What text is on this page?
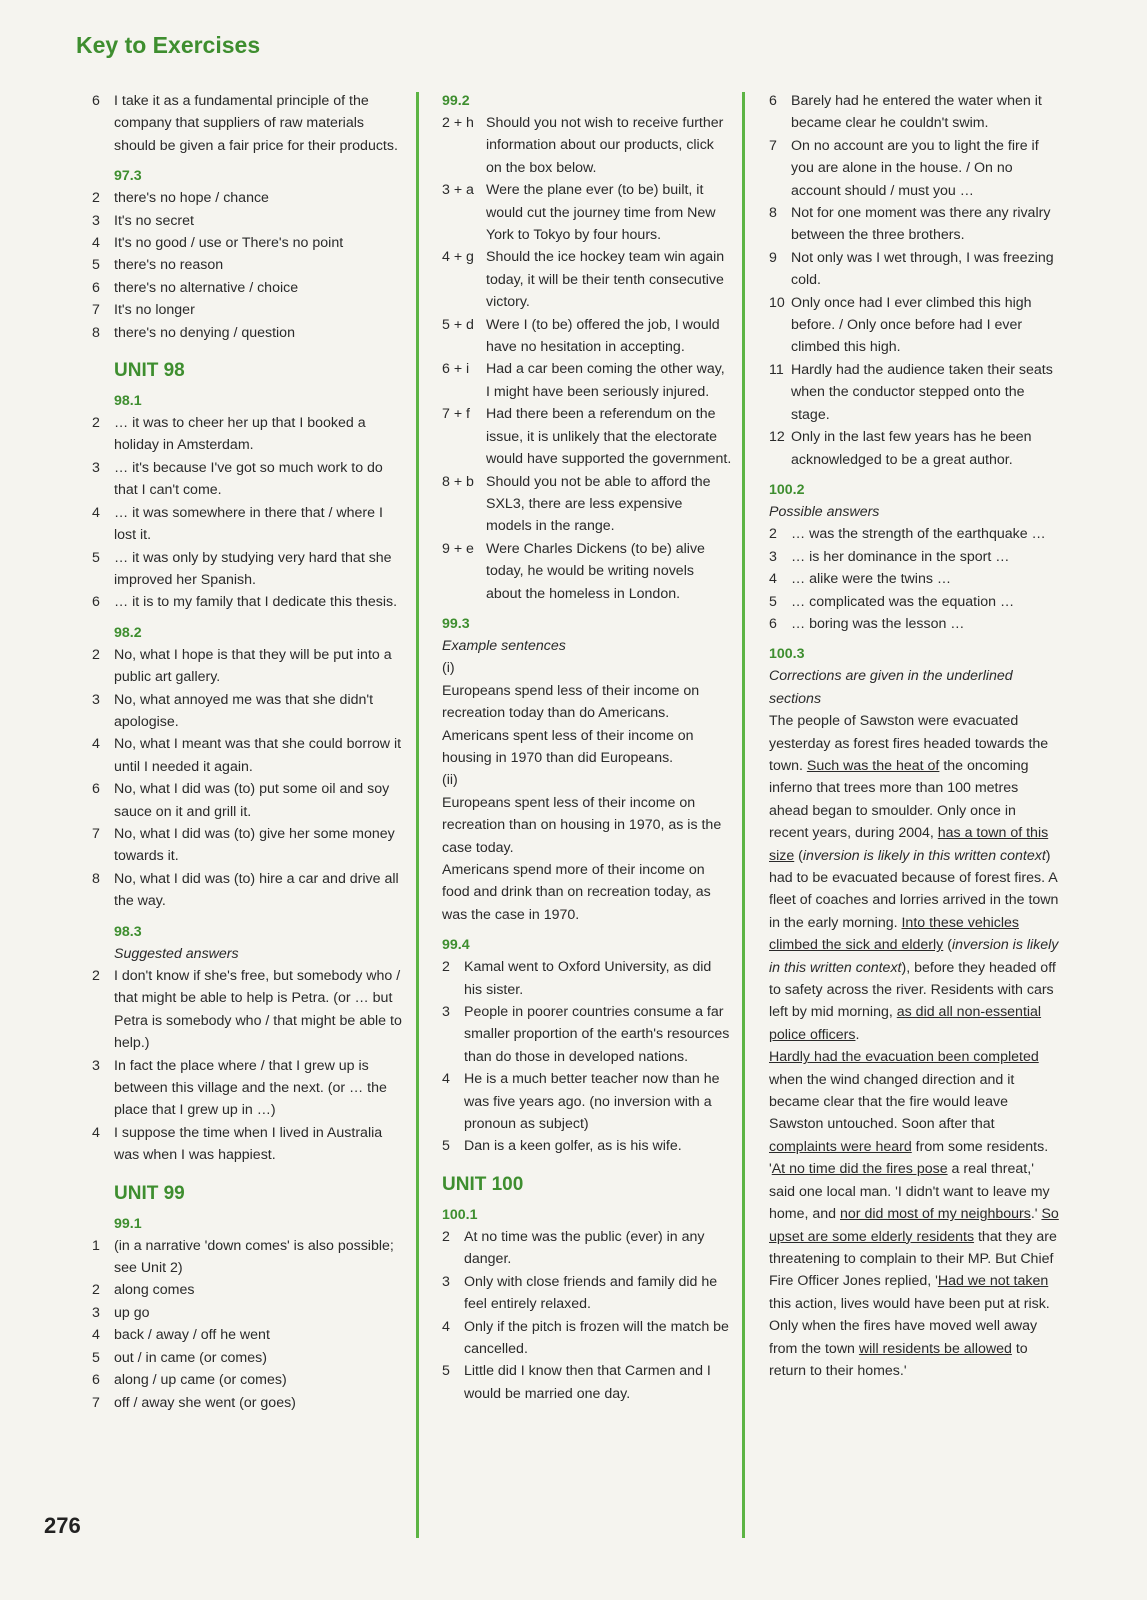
Key to Exercises
6 I take it as a fundamental principle of the company that suppliers of raw materials should be given a fair price for their products.
97.3
2 there's no hope / chance
3 It's no secret
4 It's no good / use or There's no point
5 there's no reason
6 there's no alternative / choice
7 It's no longer
8 there's no denying / question
UNIT 98
98.1
2 … it was to cheer her up that I booked a holiday in Amsterdam.
3 … it's because I've got so much work to do that I can't come.
4 … it was somewhere in there that / where I lost it.
5 … it was only by studying very hard that she improved her Spanish.
6 … it is to my family that I dedicate this thesis.
98.2
2 No, what I hope is that they will be put into a public art gallery.
3 No, what annoyed me was that she didn't apologise.
4 No, what I meant was that she could borrow it until I needed it again.
6 No, what I did was (to) put some oil and soy sauce on it and grill it.
7 No, what I did was (to) give her some money towards it.
8 No, what I did was (to) hire a car and drive all the way.
98.3

Suggested answers

2 I don't know if she's free, but somebody who / that might be able to help is Petra. (or … but Petra is somebody who / that might be able to help.)
3 In fact the place where / that I grew up is between this village and the next. (or … the place that I grew up in …)
4 I suppose the time when I lived in Australia was when I was happiest.
UNIT 99
99.1
1 (in a narrative 'down comes' is also possible; see Unit 2)
2 along comes
3 up go
4 back / away / off he went
5 out / in came (or comes)
6 along / up came (or comes)
7 off / away she went (or goes)
99.2
2 + h Should you not wish to receive further information about our products, click on the box below.
3 + a Were the plane ever (to be) built, it would cut the journey time from New York to Tokyo by four hours.
4 + g Should the ice hockey team win again today, it will be their tenth consecutive victory.
5 + d Were I (to be) offered the job, I would have no hesitation in accepting.
6 + i	Had a car been coming the other way, I might have been seriously injured.
7 + f	Had there been a referendum on the issue, it is unlikely that the electorate would have supported the government.
8 + b Should you not be able to afford the SXL3, there are less expensive models in the range.
9 + e Were Charles Dickens (to be) alive today, he would be writing novels about the homeless in London.
99.3

Example sentences

(i)

Europeans spend less of their income on recreation today than do Americans.

Americans spent less of their income on housing in 1970 than did Europeans.

(ii)

Europeans spent less of their income on recreation than on housing in 1970, as is the case today.

Americans spend more of their income on food and drink than on recreation today, as was the case in 1970.

99.4
2 Kamal went to Oxford University, as did his sister.
3 People in poorer countries consume a far smaller proportion of the earth's resources than do those in developed nations.
4 He is a much better teacher now than he was five years ago. (no inversion with a pronoun as subject)
5 Dan is a keen golfer, as is his wife.
UNIT 100
100.1
2 At no time was the public (ever) in any danger.
3 Only with close friends and family did he feel entirely relaxed.
4 Only if the pitch is frozen will the match be cancelled.
5 Little did I know then that Carmen and I would be married one day.
6 Barely had he entered the water when it became clear he couldn't swim.
7 On no account are you to light the fire if you are alone in the house. / On no account should / must you …
8 Not for one moment was there any rivalry between the three brothers.
9 Not only was I wet through, I was freezing cold.
10 Only once had I ever climbed this high before. / Only once before had I ever climbed this high.
11 Hardly had the audience taken their seats when the conductor stepped onto the stage.
12 Only in the last few years has he been acknowledged to be a great author.
100.2

Possible answers

2 … was the strength of the earthquake …
3 … is her dominance in the sport …
4 … alike were the twins …
5 … complicated was the equation …
6 … boring was the lesson …
100.3

Corrections are given in the underlined sections

The people of Sawston were evacuated yesterday as forest fires headed towards the town. Such was the heat of the oncoming inferno that trees more than 100 metres ahead began to smoulder. Only once in recent years, during 2004, has a town of this size (inversion is likely in this written context) had to be evacuated because of forest fires. A fleet of coaches and lorries arrived in the town in the early morning. Into these vehicles climbed the sick and elderly (inversion is likely in this written context), before they headed off to safety across the river. Residents with cars left by mid morning, as did all non-essential police officers.

Hardly had the evacuation been completed when the wind changed direction and it became clear that the fire would leave Sawston untouched. Soon after that complaints were heard from some residents. 'At no time did the fires pose a real threat,' said one local man. 'I didn't want to leave my home, and nor did most of my neighbours.' So upset are some elderly residents that they are threatening to complain to their MP. But Chief Fire Officer Jones replied, 'Had we not taken this action, lives would have been put at risk. Only when the fires have moved well away from the town will residents be allowed to return to their homes.'

276
